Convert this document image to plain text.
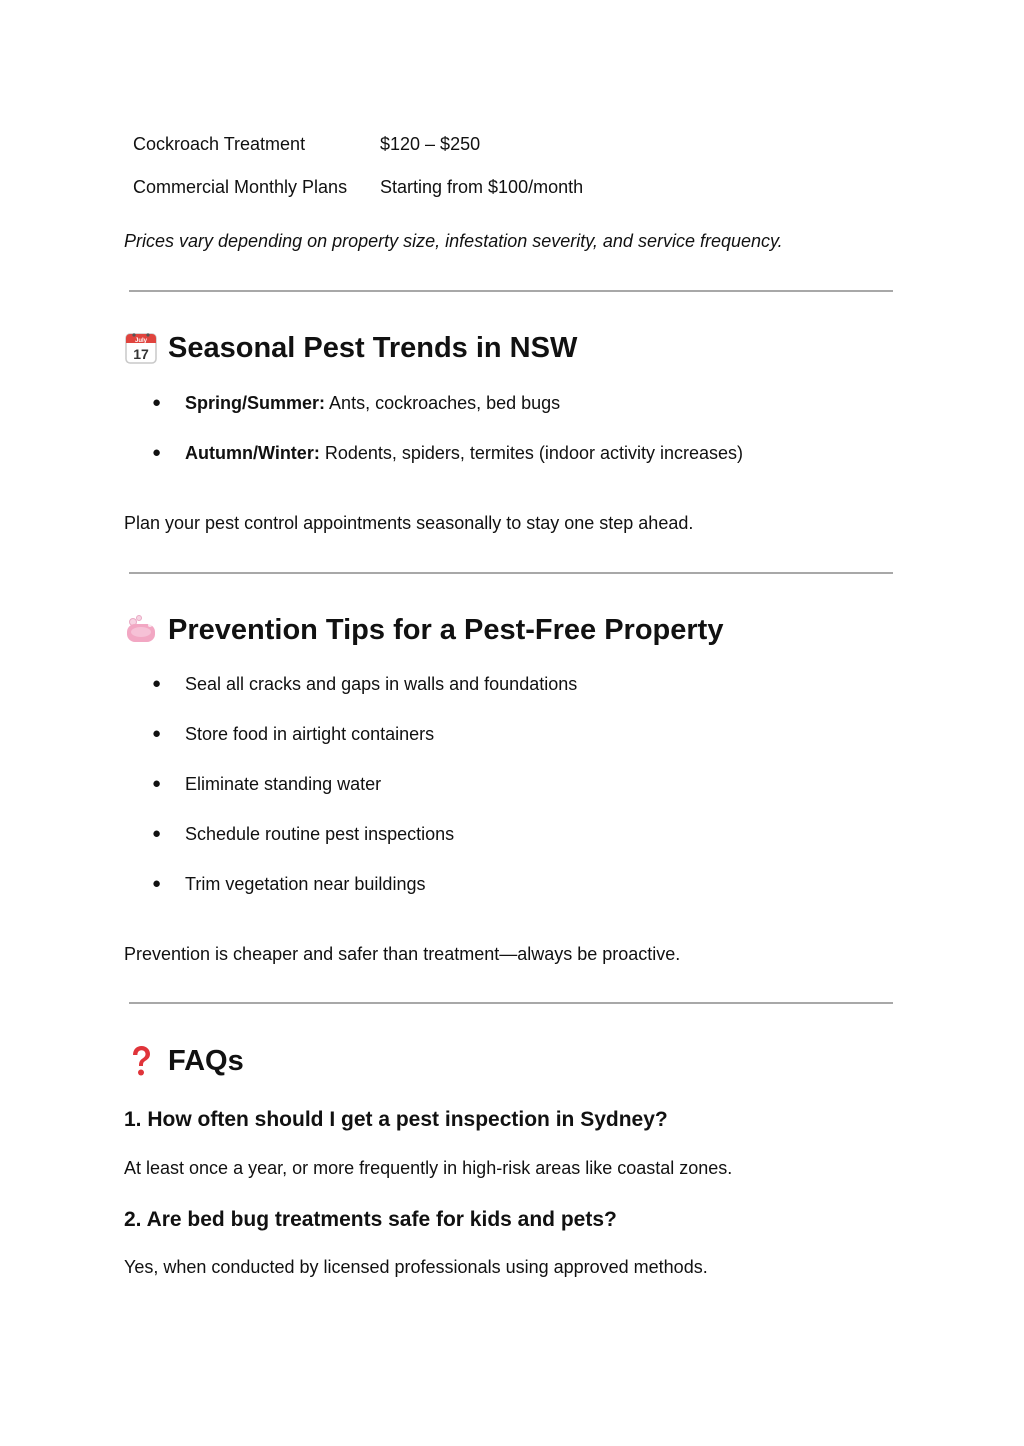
Cockroach Treatment	$120 – $250
Commercial Monthly Plans Starting from $100/month
Prices vary depending on property size, infestation severity, and service frequency.
July
17 Seasonal Pest Trends in NSW
● Spring/Summer: Ants, cockroaches, bed bugs
● Autumn/Winter: Rodents, spiders, termites (indoor activity increases)
Plan your pest control appointments seasonally to stay one step ahead.
Prevention Tips for a Pest-Free Property
● Seal all cracks and gaps in walls and foundations
● Store food in airtight containers
● Eliminate standing water
● Schedule routine pest inspections
● Trim vegetation near buildings
Prevention is cheaper and safer than treatment—always be proactive.
FAQs
1. How often should I get a pest inspection in Sydney?
At least once a year, or more frequently in high-risk areas like coastal zones.
2. Are bed bug treatments safe for kids and pets?
Yes, when conducted by licensed professionals using approved methods.
